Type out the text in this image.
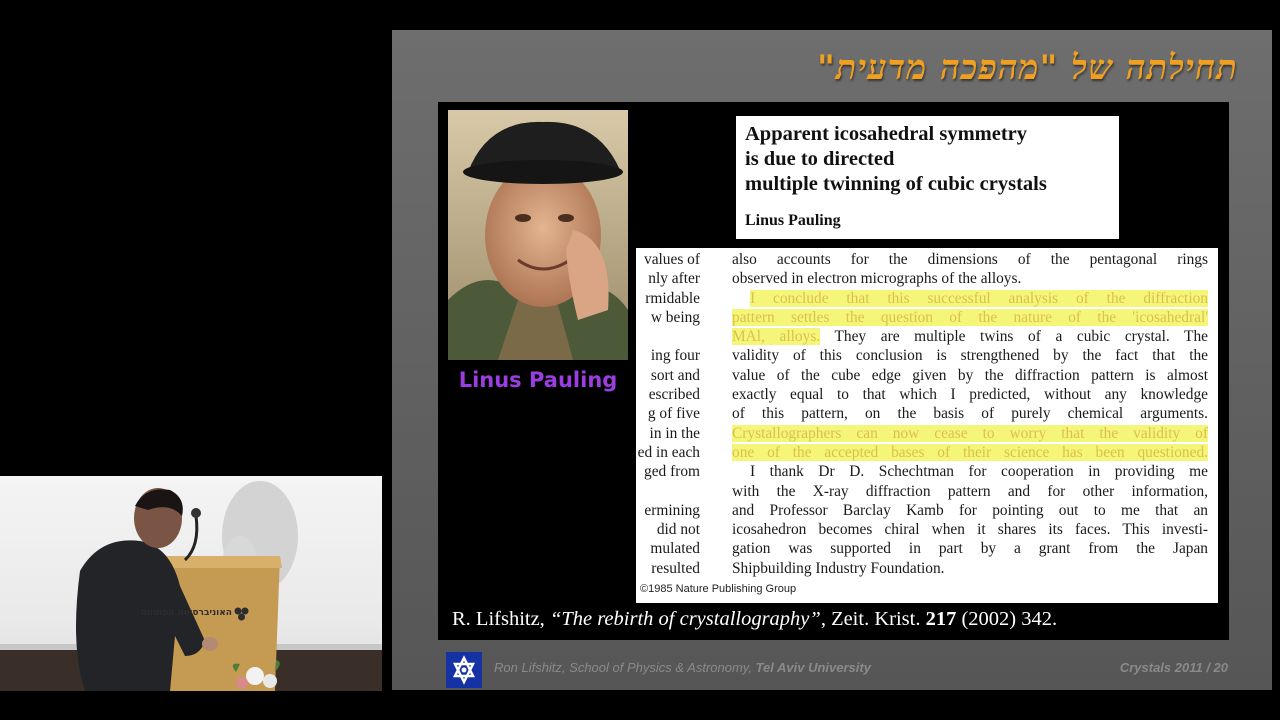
תחילתה של "מהפכה מדעית"
Linus Pauling
Apparent icosahedral symmetry
is due to directed
multiple twinning of cubic crystals
Linus Pauling
values of
nly after
rmidable
w being
ing four
sort and
escribed
g of five
in in the
ed in each
ged from
ermining
did not
mulated
resulted
also accounts for the dimensions of the pentagonal rings
observed in electron micrographs of the alloys.
I conclude that this successful analysis of the diffraction
pattern settles the question of the nature of the 'icosahedral'
MAl, alloys. They are multiple twins of a cubic crystal. The
validity of this conclusion is strengthened by the fact that the
value of the cube edge given by the diffraction pattern is almost
exactly equal to that which I predicted, without any knowledge
of this pattern, on the basis of purely chemical arguments.
Crystallographers can now cease to worry that the validity of
one of the accepted bases of their science has been questioned.
I thank Dr D. Schechtman for cooperation in providing me
with the X-ray diffraction pattern and for other information,
and Professor Barclay Kamb for pointing out to me that an
icosahedron becomes chiral when it shares its faces. This investi-
gation was supported in part by a grant from the Japan
Shipbuilding Industry Foundation.
©1985 Nature Publishing Group
R. Lifshitz, “The rebirth of crystallography”, Zeit. Krist. 217 (2002) 342.
Ron Lifshitz, School of Physics & Astronomy, Tel Aviv University	Crystals 2011 / 20
האוניברסיטה הפתוחה
